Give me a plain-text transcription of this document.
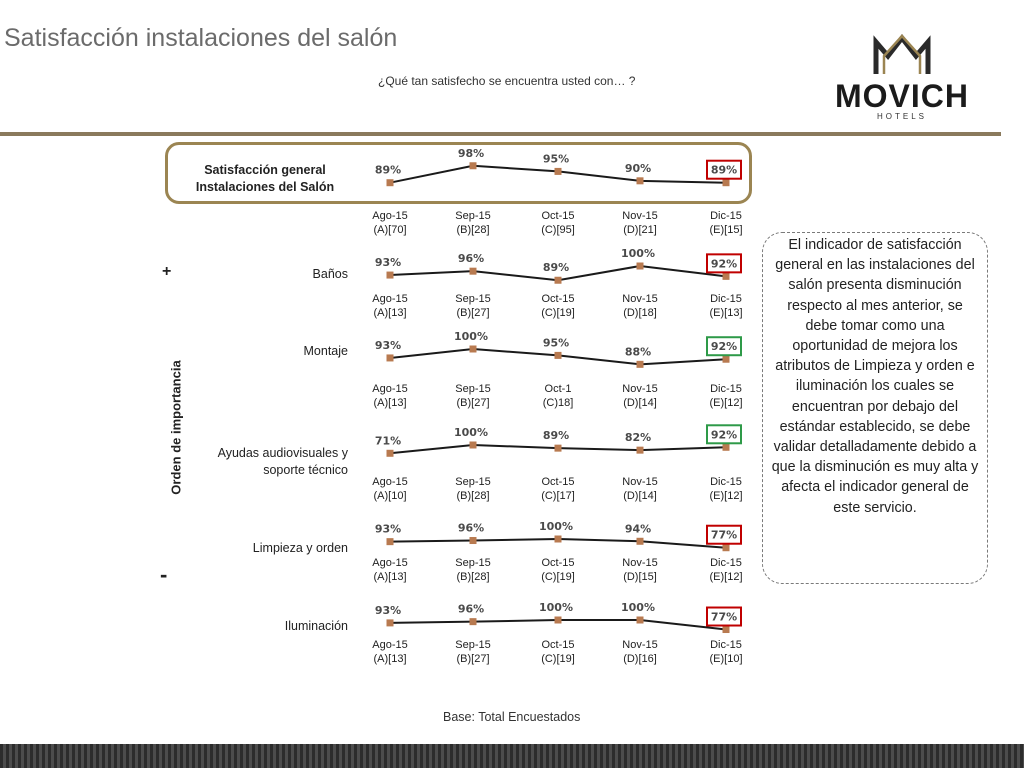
Satisfacción instalaciones del salón
¿Qué tan satisfecho se encuentra usted con… ?	MOVICH
HOTELS
Satisfacción general
Instalaciones del Salón
Baños
Montaje
Ayudas audiovisuales y
soporte técnico
Limpieza y orden
Iluminación
Orden de importancia
+
-
89%
Ago-15
(A)[70]
98%
Sep-15
(B)[28]
95%
Oct-15
(C)[95]
90%
Nov-15
(D)[21]
89%
Dic-15
(E)[15]
93%
Ago-15
(A)[13]
96%
Sep-15
(B)[27]
89%
Oct-15
(C)[19]
100%
Nov-15
(D)[18]
92%
Dic-15
(E)[13]
93%
Ago-15
(A)[13]
100%
Sep-15
(B)[27]
95%
Oct-1
(C)18]
88%
Nov-15
(D)[14]
92%
Dic-15
(E)[12]
71%
Ago-15
(A)[10]
100%
Sep-15
(B)[28]
89%
Oct-15
(C)[17]
82%
Nov-15
(D)[14]
92%
Dic-15
(E)[12]
93%
Ago-15
(A)[13]
96%
Sep-15
(B)[28]
100%
Oct-15
(C)[19]
94%
Nov-15
(D)[15]
77%
Dic-15
(E)[12]
93%
Ago-15
(A)[13]
96%
Sep-15
(B)[27]
100%
Oct-15
(C)[19]
100%
Nov-15
(D)[16]
77%
Dic-15
(E)[10]
El indicador de satisfacción general en las instalaciones del salón presenta disminución respecto al mes anterior, se debe tomar como una oportunidad de mejora los atributos de Limpieza y orden e iluminación los cuales se encuentran por debajo del estándar establecido, se debe validar detalladamente debido a que la disminución es muy alta y afecta el indicador general de este servicio.
Base: Total Encuestados
